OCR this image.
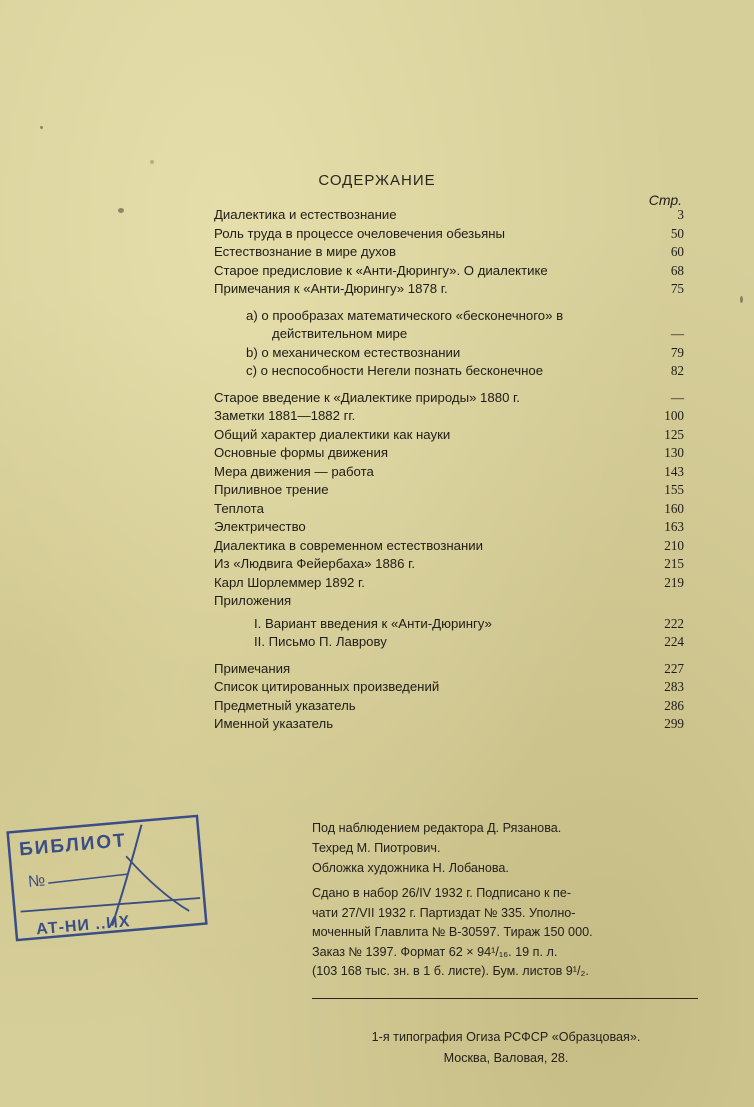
СОДЕРЖАНИЕ
Стр.
Диалектика и естествознание	3
Роль труда в процессе очеловечения обезьяны	50
Естествознание в мире духов	60
Старое предисловие к «Анти-Дюрингу». О диалектике	68
Примечания к «Анти-Дюрингу» 1878 г.	75
а) о прообразах математического «бесконечного» в
действительном мире	—
b) о механическом естествознании	79
с) о неспособности Негели познать бесконечное	82
Старое введение к «Диалектике природы» 1880 г.	—
Заметки 1881—1882 гг.	100
Общий характер диалектики как науки	125
Основные формы движения	130
Мера движения — работа	143
Приливное трение	155
Теплота	160
Электричество	163
Диалектика в современном естествознании	210
Из «Людвига Фейербаха» 1886 г.	215
Карл Шорлеммер 1892 г.	219
Приложения
I. Вариант введения к «Анти-Дюрингу»	222
II. Письмо П. Лаврову	224
Примечания	227
Список цитированных произведений	283
Предметный указатель	286
Именной указатель	299
Под наблюдением редактора Д. Рязанова.
Техред М. Пиотрович.
Обложка художника Н. Лобанова.
Сдано в набор 26/IV 1932 г. Подписано к пе-
чати 27/VII 1932 г. Партиздат № 335. Уполно-
моченный Главлита № В-30597. Тираж 150 000.
Заказ № 1397. Формат 62 × 94¹/₁₆. 19 п. л.
(103 168 тыс. зн. в 1 б. листе). Бум. листов 9¹/₂.
1-я типография Огиза РСФСР «Образцовая».
Москва, Валовая, 28.
БИБЛИОТ
№
АТ-НИ ..ИХ
